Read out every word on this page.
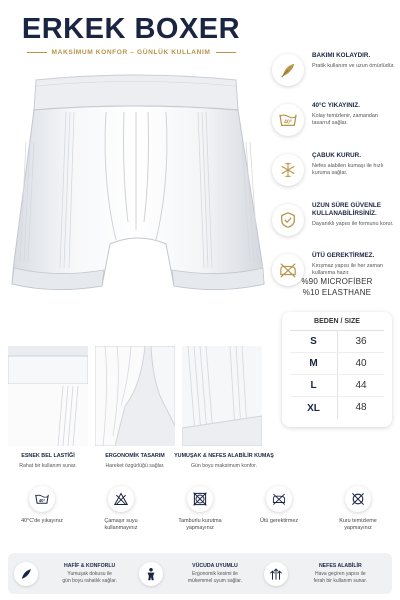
ERKEK BOXER
MAKSİMUM KONFOR – GÜNLÜK KULLANIM	BAKIMI KOLAYDIR.
Pratik kullanım ve uzun ömürlüdür.
40°
40°C YIKAYINIZ.
Kolay temizlenir, zamandan tasarruf sağlar.
ÇABUK KURUR.
Nefes alabilen kumaşı ile hızlı kuruma sağlar.
UZUN SÜRE GÜVENLE KULLANABİLİRSİNİZ.
Dayanıklı yapısı ile formunu korur.
ÜTÜ GEREKTİRMEZ.
Kırışmaz yapısı ile her zaman kullanıma hazır.
%90 MICROFİBER
%10 ELASTHANE
BEDEN / SIZE
S	36
M	40
L	44
XL	48
ESNEK BEL LASTİĞİ
Rahat bir kullanım sunar.
ERGONOMİK TASARIM
Hareket özgürlüğü sağlar.
YUMUŞAK & NEFES ALABİLİR KUMAŞ
Gün boyu maksimum konfor.
40°
40°C'de yıkayınız	Çamaşır suyu kullanmayınız
Tamburlu kurutma yapmayınız
Ütü gerektirmez	Kuru temizleme yapmayınız
HAFİF & KONFORLU
Yumuşak dokusu ile
gün boyu rahatlık sağlar.
VÜCUDA UYUMLU
Ergonomik kesimi ile
mükemmel uyum sağlar.
NEFES ALABİLİR
Hava geçiren yapısı ile
ferah bir kullanım sunar.
